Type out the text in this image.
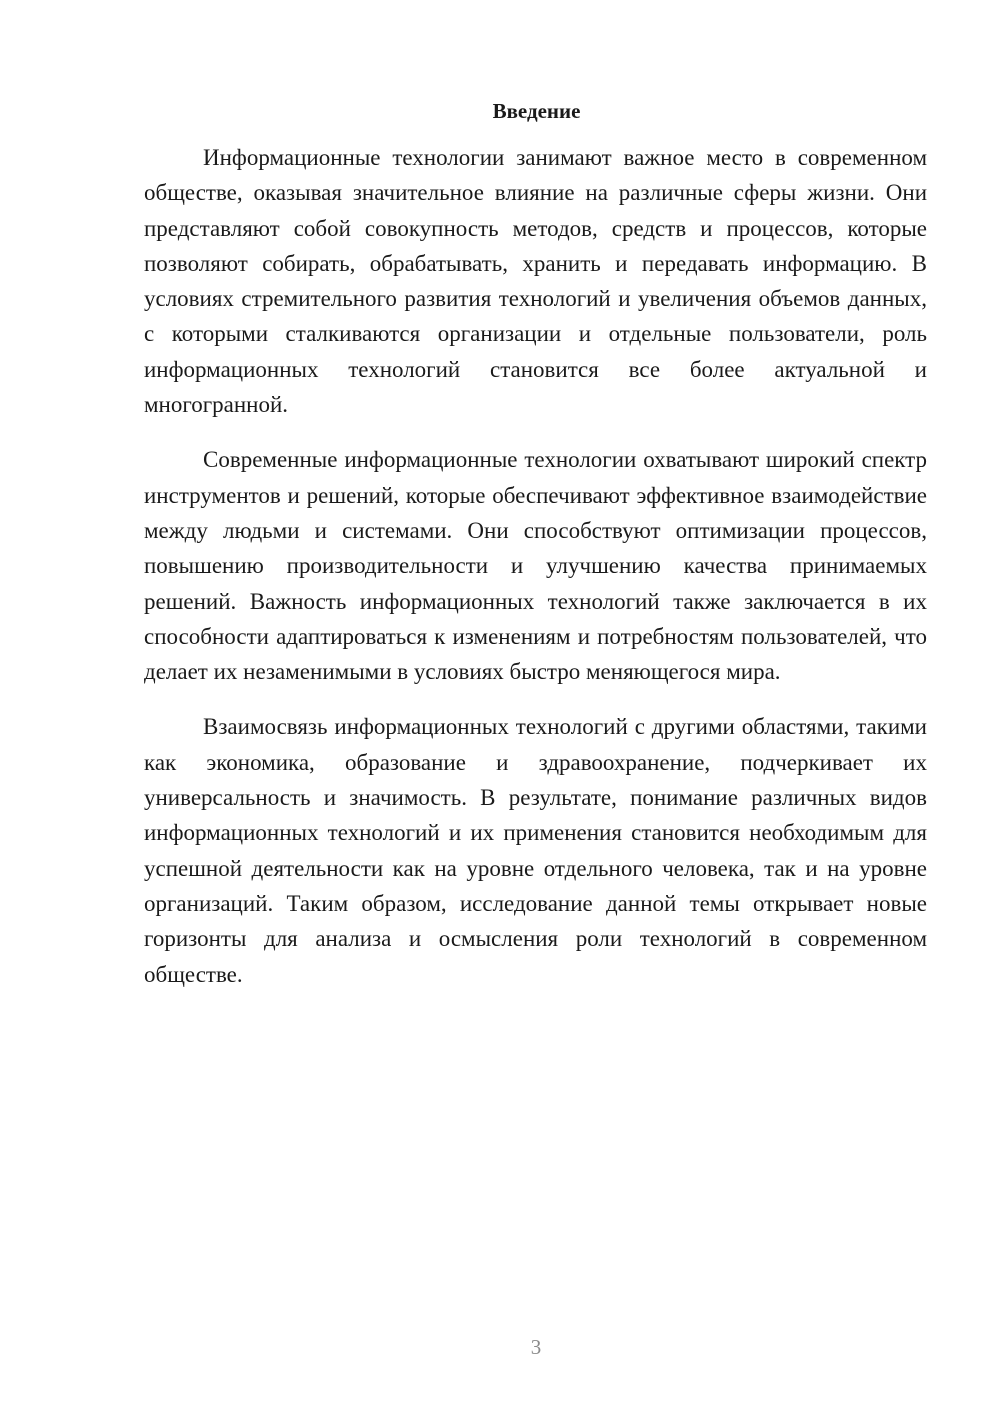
Введение

Информационные технологии занимают важное место в современном обществе, оказывая значительное влияние на различные сферы жизни. Они представляют собой совокупность методов, средств и процессов, которые позволяют собирать, обрабатывать, хранить и передавать информацию. В условиях стремительного развития технологий и увеличения объемов данных, с которыми сталкиваются организации и отдельные пользователи, роль информационных технологий становится все более актуальной и многогранной.

Современные информационные технологии охватывают широкий спектр инструментов и решений, которые обеспечивают эффективное взаимодействие между людьми и системами. Они способствуют оптимизации процессов, повышению производительности и улучшению качества принимаемых решений. Важность информационных технологий также заключается в их способности адаптироваться к изменениям и потребностям пользователей, что делает их незаменимыми в условиях быстро меняющегося мира.

Взаимосвязь информационных технологий с другими областями, такими как экономика, образование и здравоохранение, подчеркивает их универсальность и значимость. В результате, понимание различных видов информационных технологий и их применения становится необходимым для успешной деятельности как на уровне отдельного человека, так и на уровне организаций. Таким образом, исследование данной темы открывает новые горизонты для анализа и осмысления роли технологий в современном обществе.

3
